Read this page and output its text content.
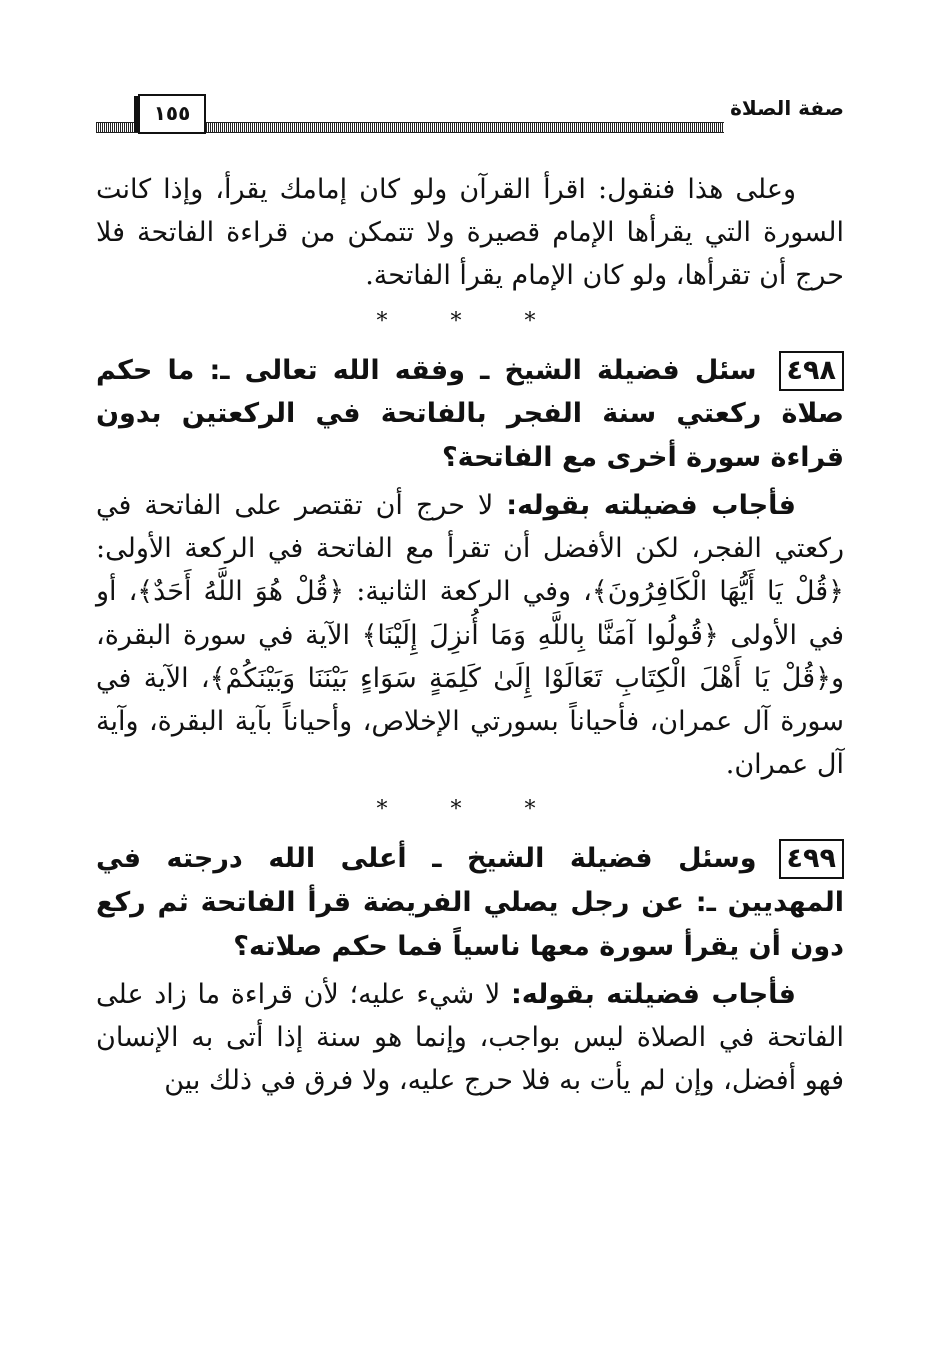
صفة الصلاة
١٥٥

وعلى هذا فنقول: اقرأ القرآن ولو كان إمامك يقرأ، وإذا كانت السورة التي يقرأها الإمام قصيرة ولا تتمكن من قراءة الفاتحة فلا حرج أن تقرأها، ولو كان الإمام يقرأ الفاتحة.

* * *

٤٩٨سئل فضيلة الشيخ ـ وفقه الله تعالى ـ: ما حكم صلاة ركعتي سنة الفجر بالفاتحة في الركعتين بدون قراءة سورة أخرى مع الفاتحة؟

فأجاب فضيلته بقوله: لا حرج أن تقتصر على الفاتحة في ركعتي الفجر، لكن الأفضل أن تقرأ مع الفاتحة في الركعة الأولى: ﴿قُلْ يَا أَيُّهَا الْكَافِرُونَ﴾، وفي الركعة الثانية: ﴿قُلْ هُوَ اللَّهُ أَحَدٌ﴾، أو في الأولى ﴿قُولُوا آمَنَّا بِاللَّهِ وَمَا أُنزِلَ إِلَيْنَا﴾ الآية في سورة البقرة، و﴿قُلْ يَا أَهْلَ الْكِتَابِ تَعَالَوْا إِلَىٰ كَلِمَةٍ سَوَاءٍ بَيْنَنَا وَبَيْنَكُمْ﴾، الآية في سورة آل عمران، فأحياناً بسورتي الإخلاص، وأحياناً بآية البقرة، وآية آل عمران.

* * *

٤٩٩وسئل فضيلة الشيخ ـ أعلى الله درجته في المهديين ـ: عن رجل يصلي الفريضة قرأ الفاتحة ثم ركع دون أن يقرأ سورة معها ناسياً فما حكم صلاته؟

فأجاب فضيلته بقوله: لا شيء عليه؛ لأن قراءة ما زاد على الفاتحة في الصلاة ليس بواجب، وإنما هو سنة إذا أتى به الإنسان فهو أفضل، وإن لم يأت به فلا حرج عليه، ولا فرق في ذلك بين
